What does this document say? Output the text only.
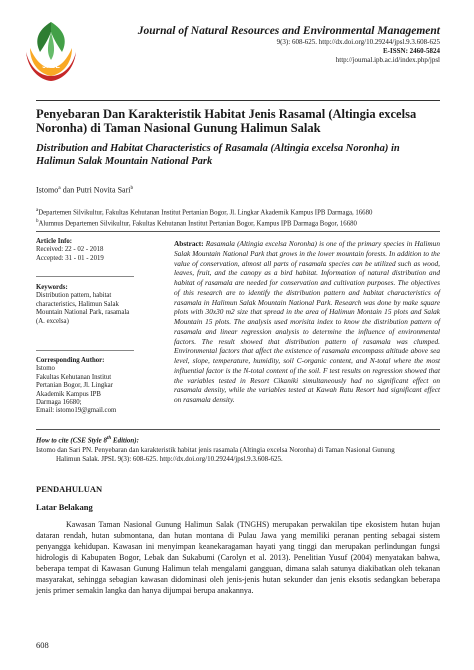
JPSL
Journal of Natural Resources and Environmental Management
9(3): 608-625. http://dx.doi.org/10.29244/jpsl.9.3.608-625
E-ISSN: 2460-5824
http://journal.ipb.ac.id/index.php/jpsl
Penyebaran Dan Karakteristik Habitat Jenis Rasamal (Altingia excelsa Noronha) di Taman Nasional Gunung Halimun Salak
Distribution and Habitat Characteristics of Rasamala (Altingia excelsa Noronha) in Halimun Salak Mountain National Park
Istomo$^a$ dan Putri Novita Sari$^b$
$^a$Departemen Silvikultur, Fakultas Kehutanan Institut Pertanian Bogor, Jl. Lingkar Akademik Kampus IPB Darmaga, 16680
$^b$Alumnus Departemen Silvikultur, Fakultas Kehutanan Institut Pertanian Bogor, Kampus IPB Darmaga Bogor, 16680
Article Info:
Received: 22 - 02 - 2018
Accepted: 31 - 01 - 2019
Keywords:
Distribution pattern, habitat characteristics, Halimun Salak Mountain National Park, rasamala (A. excelsa)
Corresponding Author:
Istomo
Fakultas Kehutanan Institut
Pertanian Bogor, Jl. Lingkar
Akademik Kampus IPB
Darmaga 16680;
Email: istomo19@gmail.com
Abstract: Rasamala (Altingia excelsa Noronha) is one of the primary species in Halimun Salak Mountain National Park that grows in the lower mountain forests. In addition to the value of conservation, almost all parts of rasamala species can be utilized such as wood, leaves, fruit, and the canopy as a bird habitat. Information of natural distribution and habitat of rasamala are needed for conservation and cultivation purposes. The objectives of this research are to identify the distribution pattern and habitat characteristics of rasamala in Halimun Salak Mountain National Park. Research was done by make square plots with 30x30 m2 size that spread in the area of Halimun Montain 15 plots and Salak Mountain 15 plots. The analysis used morisita index to know the distribution pattern of rasamala and linear regression analysis to determine the influence of environmental factors. The result showed that distribution pattern of rasamala was clumped. Environmental factors that affect the existence of rasamala encompass altitude above sea level, slope, temperature, humidity, soil C-organic content, and N-total where the most influential factor is the N-total content of the soil. F test results on regression showed that the variables tested in Resort Cikaniki simultaneously had no significant effect on rasamala density, while the variables tested at Kawah Ratu Resort had significant effect on rasamala density.
How to cite (CSE Style 8th Edition):
Istomo dan Sari PN. Penyebaran dan karakteristik habitat jenis rasamala (Altingia excelsa Noronha) di Taman Nasional Gunung
Halimun Salak. JPSL 9(3): 608-625. http://dx.doi.org/10.29244/jpsl.9.3.608-625.
PENDAHULUAN
Latar Belakang
Kawasan Taman Nasional Gunung Halimun Salak (TNGHS) merupakan perwakilan tipe ekosistem hutan hujan dataran rendah, hutan submontana, dan hutan montana di Pulau Jawa yang memiliki peranan penting sebagai sistem penyangga kehidupan. Kawasan ini menyimpan keanekaragaman hayati yang tinggi dan merupakan perlindungan fungsi hidrologis di Kabupaten Bogor, Lebak dan Sukabumi (Carolyn et al. 2013). Penelitian Yusuf (2004) menyatakan bahwa, beberapa tempat di Kawasan Gunung Halimun telah mengalami gangguan, dimana salah satunya diakibatkan oleh tekanan masyarakat, sehingga sebagian kawasan didominasi oleh jenis-jenis hutan sekunder dan jenis eksotis sedangkan beberapa jenis primer semakin langka dan hanya dijumpai berupa anakannya.
608
